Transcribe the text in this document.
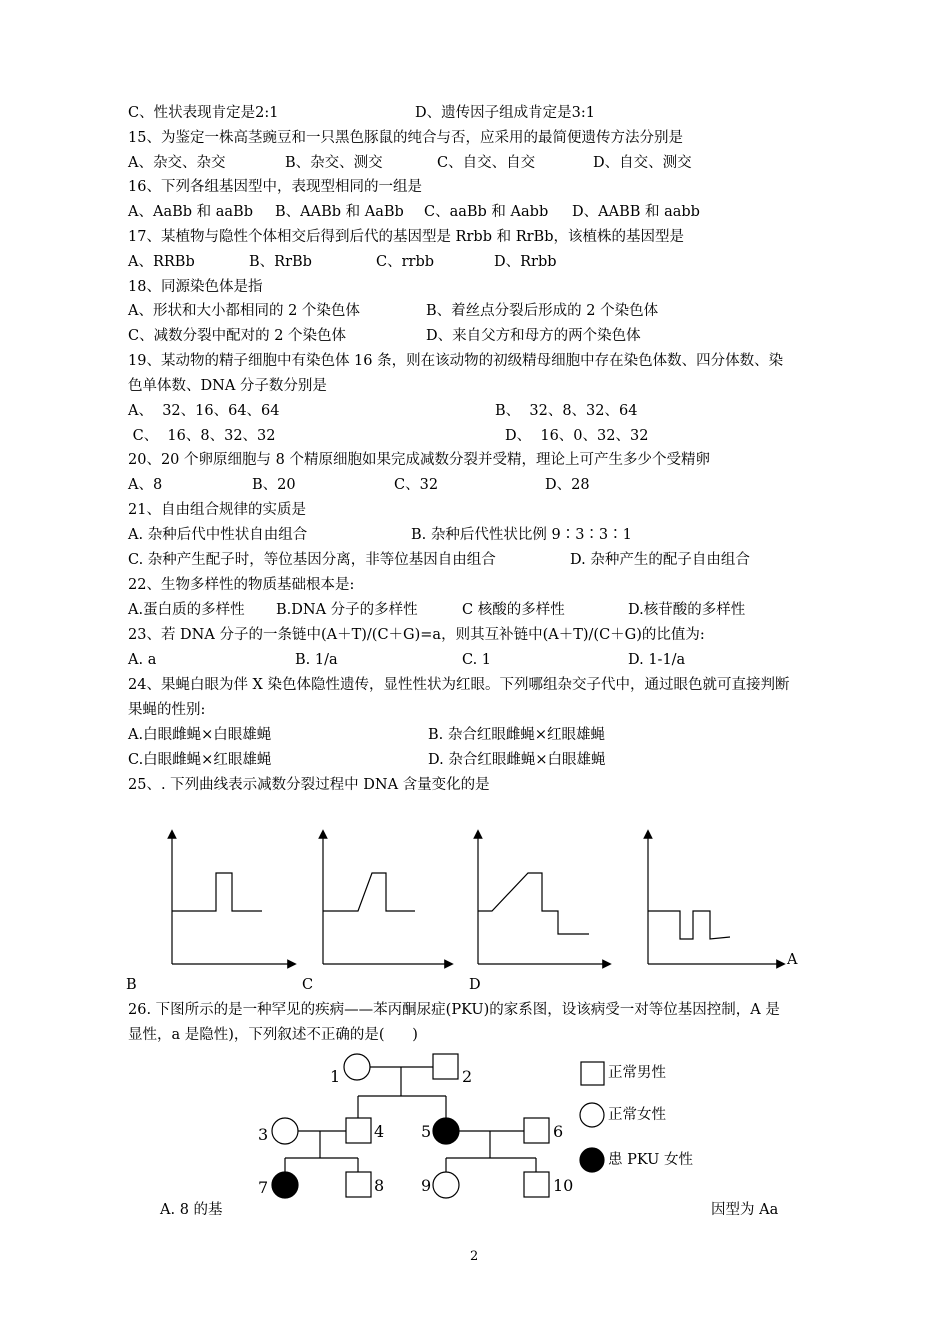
C、性状表现肯定是2:1	D、遗传因子组成肯定是3:1
15、为鉴定一株高茎豌豆和一只黑色豚鼠的纯合与否，应采用的最简便遗传方法分别是
A、杂交、杂交	B、杂交、测交	C、自交、自交	D、自交、测交
16、下列各组基因型中，表现型相同的一组是
A、AaBb 和 aaBb B、AABb 和 AaBb C、aaBb 和 Aabb D、AABB 和 aabb
17、某植物与隐性个体相交后得到后代的基因型是 Rrbb 和 RrBb，该植株的基因型是
A、RRBb	B、RrBb	C、rrbb	D、Rrbb
18、同源染色体是指
A、形状和大小都相同的 2 个染色体	B、着丝点分裂后形成的 2 个染色体
C、减数分裂中配对的 2 个染色体	D、来自父方和母方的两个染色体
19、某动物的精子细胞中有染色体 16 条，则在该动物的初级精母细胞中存在染色体数、四分体数、染
色单体数、DNA 分子数分别是
A、  32、16、64、64	B、  32、8、32、64
C、  16、8、32、32	D、  16、0、32、32
20、20 个卵原细胞与 8 个精原细胞如果完成减数分裂并受精，理论上可产生多少个受精卵
A、8	B、20	C、32	D、28
21、自由组合规律的实质是
A. 杂种后代中性状自由组合	B. 杂种后代性状比例 9∶3∶3∶1
C. 杂种产生配子时，等位基因分离，非等位基因自由组合	D. 杂种产生的配子自由组合
22、生物多样性的物质基础根本是:
A.蛋白质的多样性 B.DNA 分子的多样性	C 核酸的多样性	D.核苷酸的多样性
23、若 DNA 分子的一条链中(A＋T)/(C＋G)=a，则其互补链中(A＋T)/(C＋G)的比值为:
A. a	B. 1/a	C. 1	D. 1-1/a
24、果蝇白眼为伴 X 染色体隐性遗传，显性性状为红眼。下列哪组杂交子代中，通过眼色就可直接判断
果蝇的性别:
A.白眼雌蝇×白眼雄蝇	B. 杂合红眼雌蝇×红眼雄蝇
C.白眼雌蝇×红眼雄蝇	D. 杂合红眼雌蝇×白眼雄蝇
25、. 下列曲线表示减数分裂过程中 DNA 含量变化的是
B	C	D
A
26. 下图所示的是一种罕见的疾病——苯丙酮尿症(PKU)的家系图，设该病受一对等位基因控制，A 是
显性，a 是隐性)，下列叙述不正确的是(      )
1	2
3	4 5	6
7	8 9	10
正常男性
正常女性
患 PKU 女性
A. 8 的基	因型为 Aa
2
